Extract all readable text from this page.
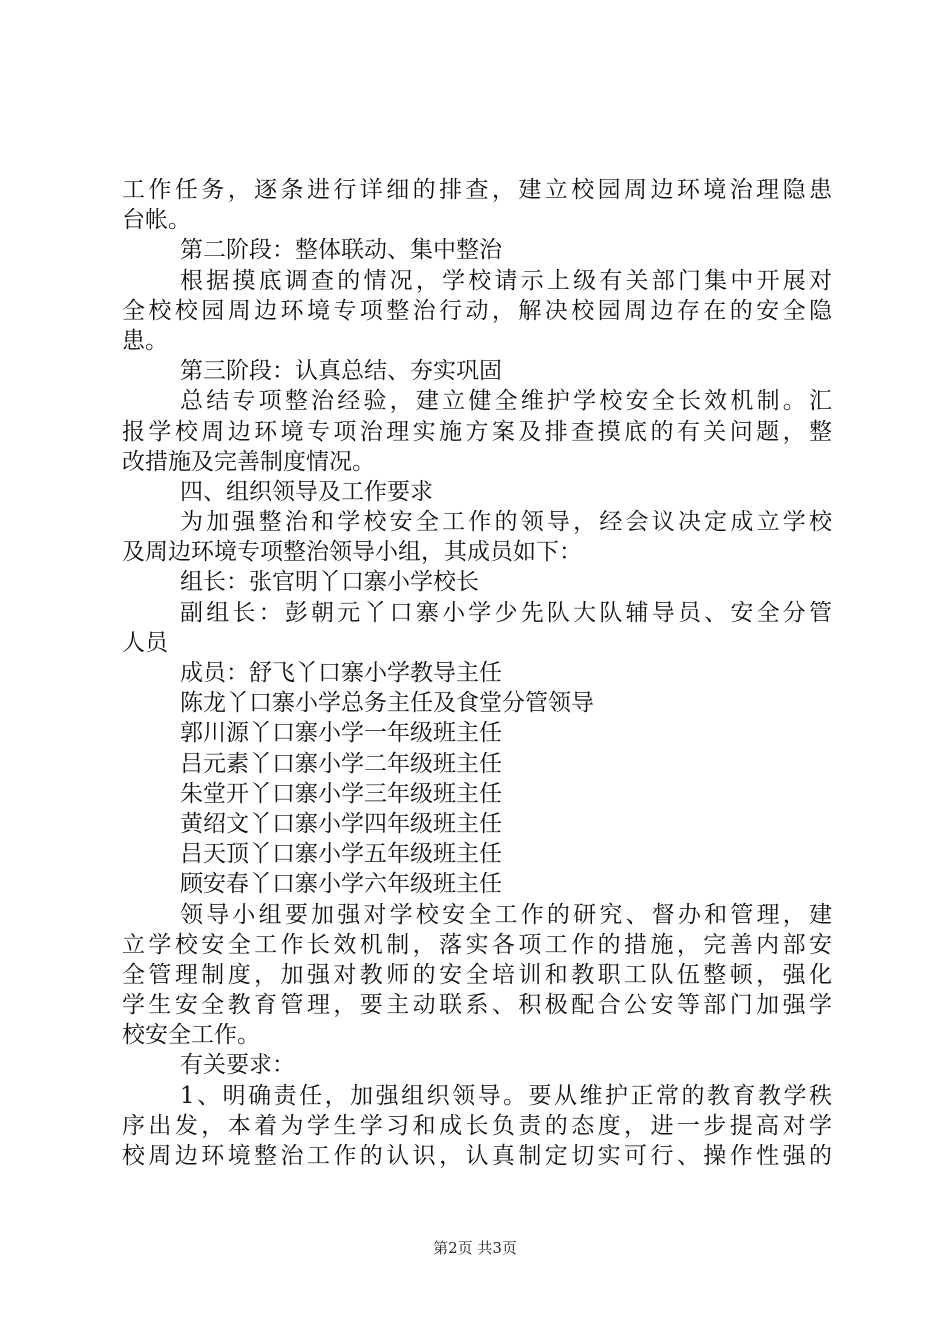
工作任务，逐条进行详细的排查，建立校园周边环境治理隐患
台帐。
第二阶段：整体联动、集中整治
根据摸底调查的情况，学校请示上级有关部门集中开展对
全校校园周边环境专项整治行动，解决校园周边存在的安全隐
患。
第三阶段：认真总结、夯实巩固
总结专项整治经验，建立健全维护学校安全长效机制。汇
报学校周边环境专项治理实施方案及排查摸底的有关问题，整
改措施及完善制度情况。
四、组织领导及工作要求
为加强整治和学校安全工作的领导，经会议决定成立学校
及周边环境专项整治领导小组，其成员如下：
组长：张官明丫口寨小学校长
副组长：彭朝元丫口寨小学少先队大队辅导员、安全分管
人员
成员：舒飞丫口寨小学教导主任
陈龙丫口寨小学总务主任及食堂分管领导
郭川源丫口寨小学一年级班主任
吕元素丫口寨小学二年级班主任
朱堂开丫口寨小学三年级班主任
黄绍文丫口寨小学四年级班主任
吕天顶丫口寨小学五年级班主任
顾安春丫口寨小学六年级班主任
领导小组要加强对学校安全工作的研究、督办和管理，建
立学校安全工作长效机制，落实各项工作的措施，完善内部安
全管理制度，加强对教师的安全培训和教职工队伍整顿，强化
学生安全教育管理，要主动联系、积极配合公安等部门加强学
校安全工作。
有关要求：
1、明确责任，加强组织领导。要从维护正常的教育教学秩
序出发，本着为学生学习和成长负责的态度，进一步提高对学
校周边环境整治工作的认识，认真制定切实可行、操作性强的
第2页 共3页
